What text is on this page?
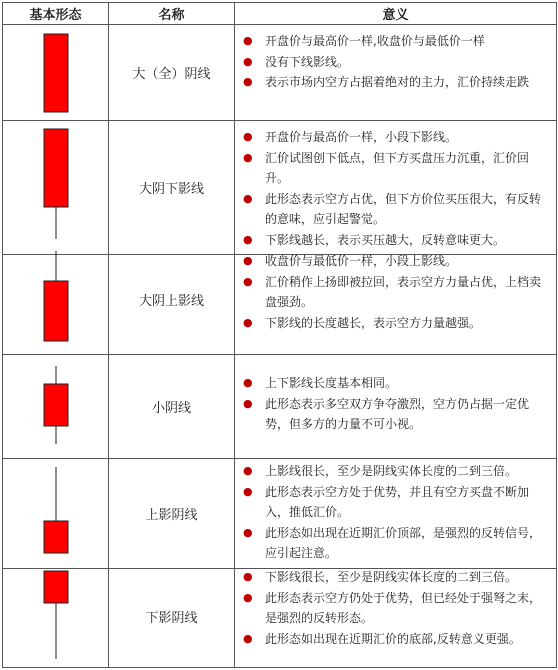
基本形态	名称	意义
大（全）阴线
●	开盘价与最高价一样,收盘价与最低价一样
●	没有下线影线。
●	表示市场内空方占据着绝对的主力，汇价持续走跌
大阴下影线
●	开盘价与最高价一样，小段下影线。
●	汇价试图创下低点，但下方买盘压力沉重，汇价回升。
●	此形态表示空方占优，但下方价位买压很大，有反转的意味，应引起警觉。
●	下影线越长，表示买压越大，反转意味更大。
大阴上影线
●	收盘价与最低价一样，小段上影线。
●	汇价稍作上扬即被拉回，表示空方力量占优，上档卖盘强劲。
●	下影线的长度越长，表示空方力量越强。
小阴线
●	上下影线长度基本相同。
●	此形态表示多空双方争夺激烈，空方仍占据一定优势，但多方的力量不可小视。
上影阴线
●	上影线很长，至少是阴线实体长度的二到三倍。
●	此形态表示空方处于优势，并且有空方买盘不断加入，推低汇价。
●	此形态如出现在近期汇价顶部，是强烈的反转信号，应引起注意。
下影阴线
●	下影线很长，至少是阴线实体长度的二到三倍。
●	此形态表示空方仍处于优势，但已经处于强弩之末，是强烈的反转形态。
●	此形态如出现在近期汇价的底部,反转意义更强。
